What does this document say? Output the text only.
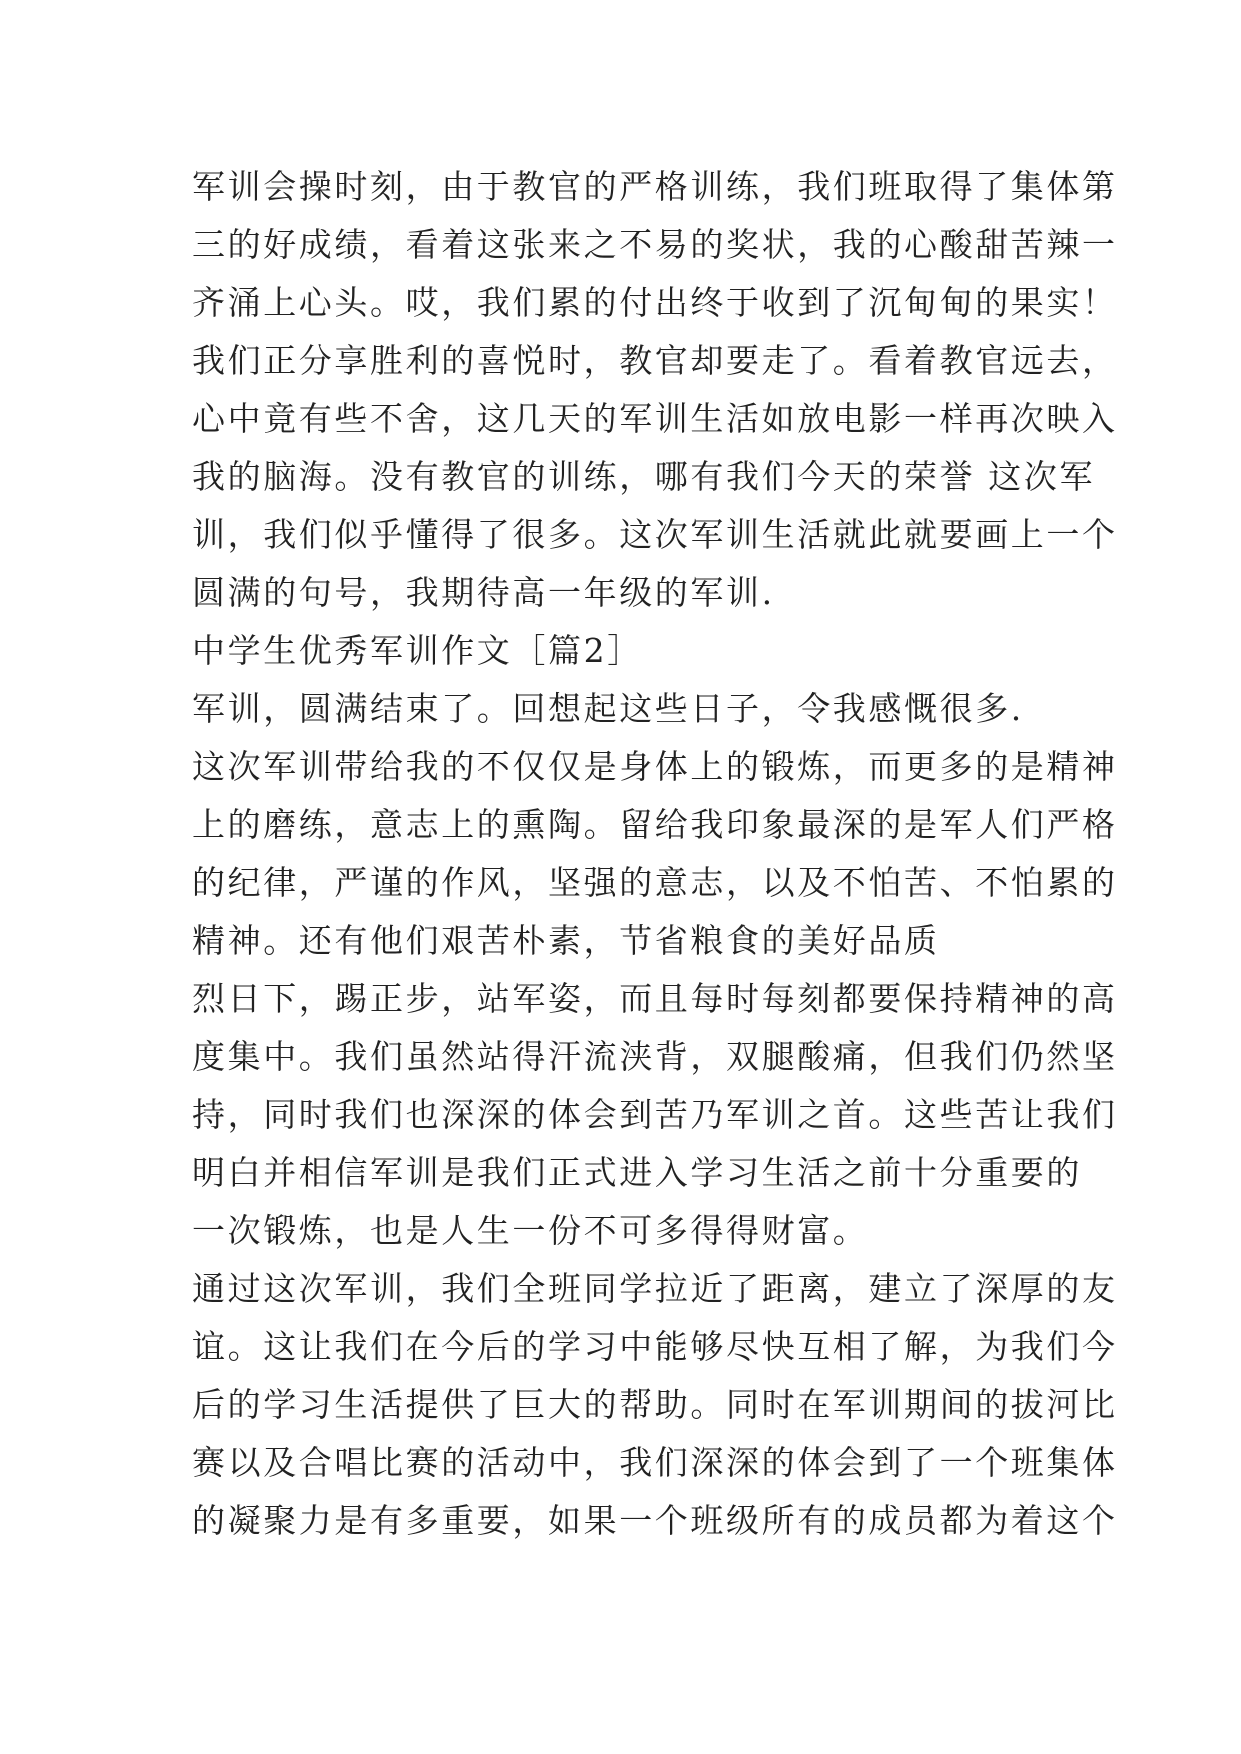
军训会操时刻，由于教官的严格训练，我们班取得了集体第
三的好成绩，看着这张来之不易的奖状，我的心酸甜苦辣一
齐涌上心头。哎，我们累的付出终于收到了沉甸甸的果实！
我们正分享胜利的喜悦时，教官却要走了。看着教官远去，
心中竟有些不舍，这几天的军训生活如放电影一样再次映入
我的脑海。没有教官的训练，哪有我们今天的荣誉 这次军
训，我们似乎懂得了很多。这次军训生活就此就要画上一个
圆满的句号，我期待高一年级的军训.
中学生优秀军训作文［篇2］
军训，圆满结束了。回想起这些日子，令我感慨很多.
这次军训带给我的不仅仅是身体上的锻炼，而更多的是精神
上的磨练，意志上的熏陶。留给我印象最深的是军人们严格
的纪律，严谨的作风，坚强的意志，以及不怕苦、不怕累的
精神。还有他们艰苦朴素，节省粮食的美好品质
烈日下，踢正步，站军姿，而且每时每刻都要保持精神的高
度集中。我们虽然站得汗流浃背，双腿酸痛，但我们仍然坚
持，同时我们也深深的体会到苦乃军训之首。这些苦让我们
明白并相信军训是我们正式进入学习生活之前十分重要的
一次锻炼，也是人生一份不可多得得财富。
通过这次军训，我们全班同学拉近了距离，建立了深厚的友
谊。这让我们在今后的学习中能够尽快互相了解，为我们今
后的学习生活提供了巨大的帮助。同时在军训期间的拔河比
赛以及合唱比赛的活动中，我们深深的体会到了一个班集体
的凝聚力是有多重要，如果一个班级所有的成员都为着这个
